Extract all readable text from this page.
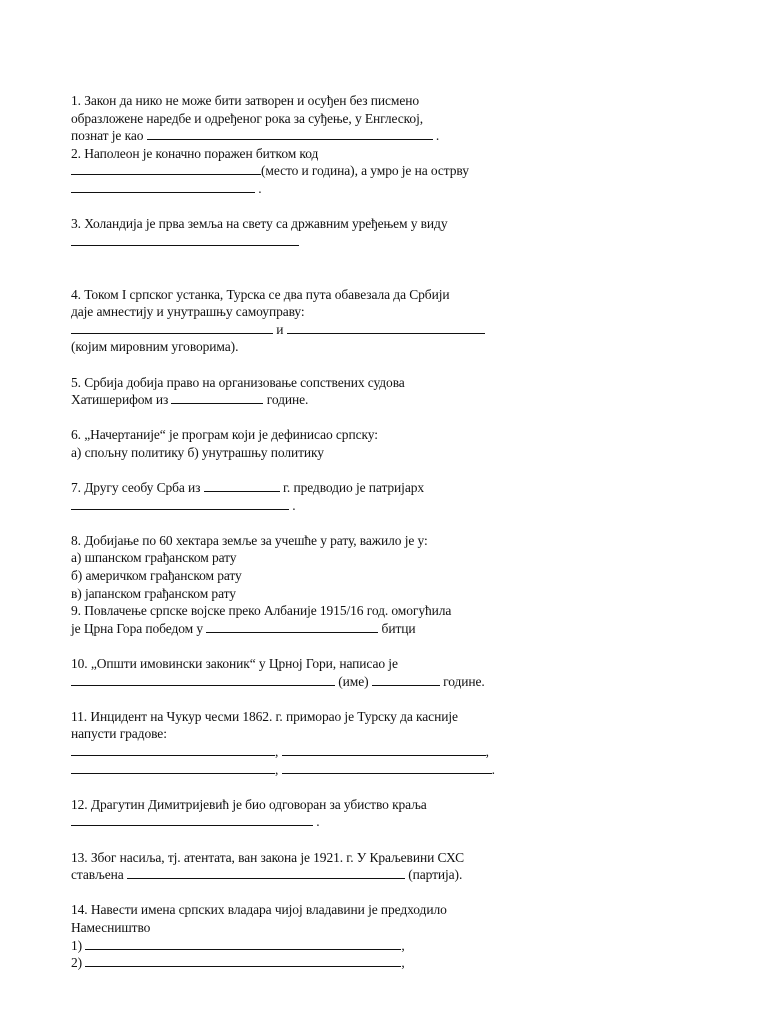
1. Закон да нико не може бити затворен и осуђен без писмено
образложене наредбе и одређеног рока за суђење, у Енглеској,
познат је као	.
2. Наполеон је коначно поражен битком код
(место и година), а умро је на острву
.
3. Холандија је прва земља на свету са државним уређењем у виду
4. Током I српског устанка, Турска се два пута обавезала да Србији
даје амнестију и унутрашњу самоуправу:
и
(којим мировним уговорима).
5. Србија добија право на организовање сопствених судова
Хатишерифом из	године.
6. „Начертаније“ је програм који је дефинисао српску:
а) спољну политику б) унутрашњу политику
7. Другу сеобу Срба из	г. предводио је патријарх
.
8. Добијање по 60 хектара земље за учешће у рату, важило је у:
а) шпанском грађанском рату
б) америчком грађанском рату
в) јапанском грађанском рату
9. Повлачење српске војске преко Албаније 1915/16 год. омогућила
је Црна Гора победом у	битци
10. „Општи имовински законик“ у Црној Гори, написао је
(име)	године.
11. Инцидент на Чукур чесми 1862. г. приморао је Турску да касније
напусти градове:
,	,
,	.
12. Драгутин Димитријевић је био одговоран за убиство краља
.
13. Због насиља, тј. атентата, ван закона је 1921. г. У Краљевини СХС
стављена	(партија).
14. Навести имена српских владара чијој владавини је предходило
Намесништво
1)	,
2)	,
